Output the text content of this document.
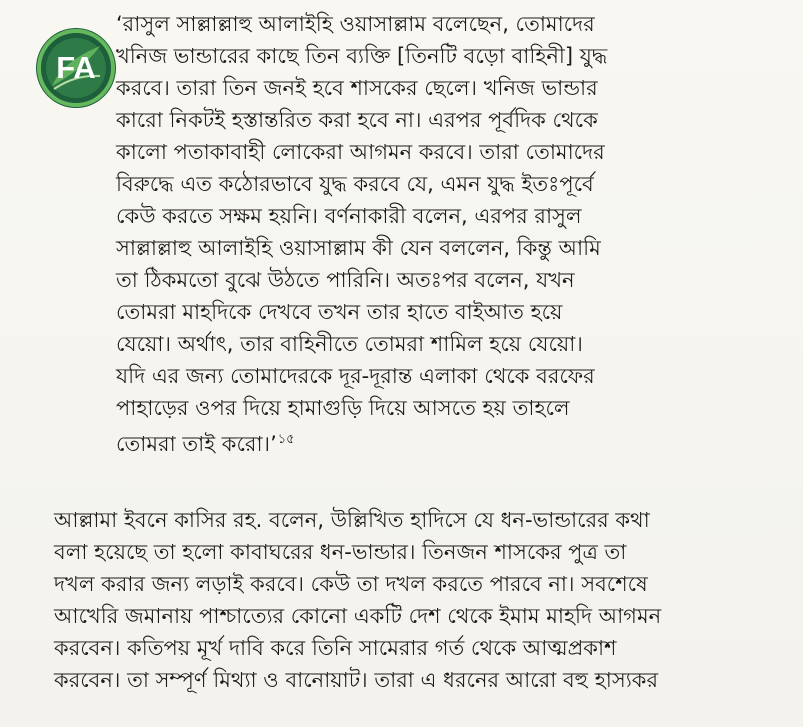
FA
‘রাসুল সাল্লাল্লাহু আলাইহি ওয়াসাল্লাম বলেছেন, তোমাদের
খনিজ ভান্ডারের কাছে তিন ব্যক্তি [তিনটি বড়ো বাহিনী] যুদ্ধ
করবে। তারা তিন জনই হবে শাসকের ছেলে। খনিজ ভান্ডার
কারো নিকটই হস্তান্তরিত করা হবে না। এরপর পূর্বদিক থেকে
কালো পতাকাবাহী লোকেরা আগমন করবে। তারা তোমাদের
বিরুদ্ধে এত কঠোরভাবে যুদ্ধ করবে যে, এমন যুদ্ধ ইতঃপূর্বে
কেউ করতে সক্ষম হয়নি। বর্ণনাকারী বলেন, এরপর রাসুল
সাল্লাল্লাহু আলাইহি ওয়াসাল্লাম কী যেন বললেন, কিন্তু আমি
তা ঠিকমতো বুঝে উঠতে পারিনি। অতঃপর বলেন, যখন
তোমরা মাহদিকে দেখবে তখন তার হাতে বাইআত হয়ে
যেয়ো। অর্থাৎ, তার বাহিনীতে তোমরা শামিল হয়ে যেয়ো।
যদি এর জন্য তোমাদেরকে দূর-দূরান্ত এলাকা থেকে বরফের
পাহাড়ের ওপর দিয়ে হামাগুড়ি দিয়ে আসতে হয় তাহলে
তোমরা তাই করো।’$^{১৫}$
আল্লামা ইবনে কাসির রহ. বলেন, উল্লিখিত হাদিসে যে ধন-ভান্ডারের কথা
বলা হয়েছে তা হলো কাবাঘরের ধন-ভান্ডার। তিনজন শাসকের পুত্র তা
দখল করার জন্য লড়াই করবে। কেউ তা দখল করতে পারবে না। সবশেষে
আখেরি জমানায় পাশ্চাত্যের কোনো একটি দেশ থেকে ইমাম মাহদি আগমন
করবেন। কতিপয় মূর্খ দাবি করে তিনি সামেরার গর্ত থেকে আত্মপ্রকাশ
করবেন। তা সম্পূর্ণ মিথ্যা ও বানোয়াট। তারা এ ধরনের আরো বহু হাস্যকর
